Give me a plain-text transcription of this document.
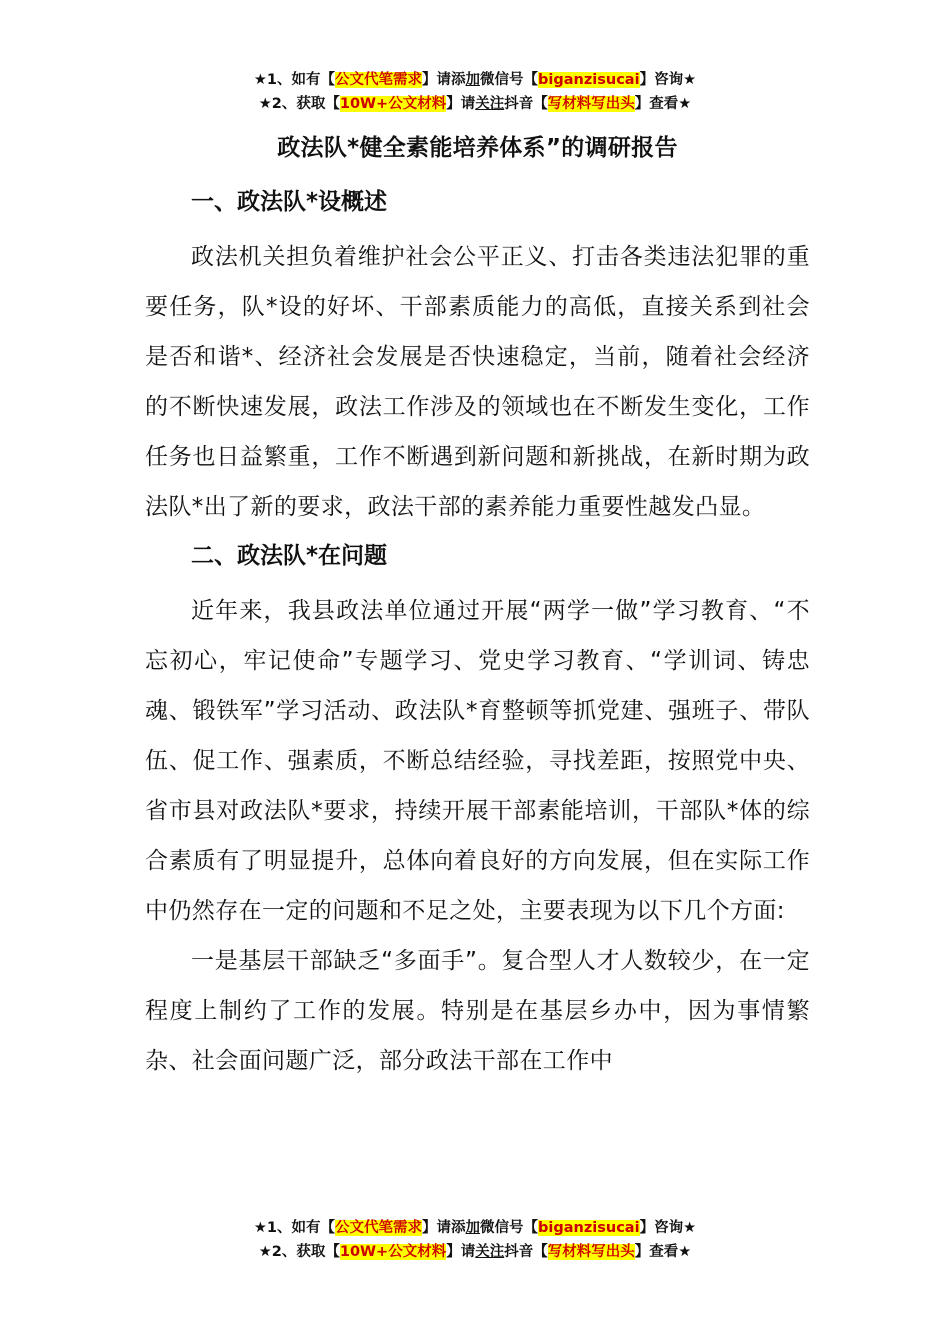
★1、如有【公文代笔需求】请添加微信号【biganzisucai】咨询★
★2、获取【10W+公文材料】请关注抖音【写材料写出头】查看★
政法队*健全素能培养体系”的调研报告
一、政法队*设概述

政法机关担负着维护社会公平正义、打击各类违法犯罪的重要任务，队*设的好坏、干部素质能力的高低，直接关系到社会是否和谐*、经济社会发展是否快速稳定，当前，随着社会经济的不断快速发展，政法工作涉及的领域也在不断发生变化，工作任务也日益繁重，工作不断遇到新问题和新挑战，在新时期为政法队*出了新的要求，政法干部的素养能力重要性越发凸显。

二、政法队*在问题

近年来，我县政法单位通过开展“两学一做”学习教育、“不忘初心，牢记使命”专题学习、党史学习教育、“学训词、铸忠魂、锻铁军”学习活动、政法队*育整顿等抓党建、强班子、带队伍、促工作、强素质，不断总结经验，寻找差距，按照党中央、省市县对政法队*要求，持续开展干部素能培训，干部队*体的综合素质有了明显提升，总体向着良好的方向发展，但在实际工作中仍然存在一定的问题和不足之处，主要表现为以下几个方面:

一是基层干部缺乏“多面手”。复合型人才人数较少，在一定程度上制约了工作的发展。特别是在基层乡办中，因为事情繁杂、社会面问题广泛，部分政法干部在工作中

★1、如有【公文代笔需求】请添加微信号【biganzisucai】咨询★
★2、获取【10W+公文材料】请关注抖音【写材料写出头】查看★
